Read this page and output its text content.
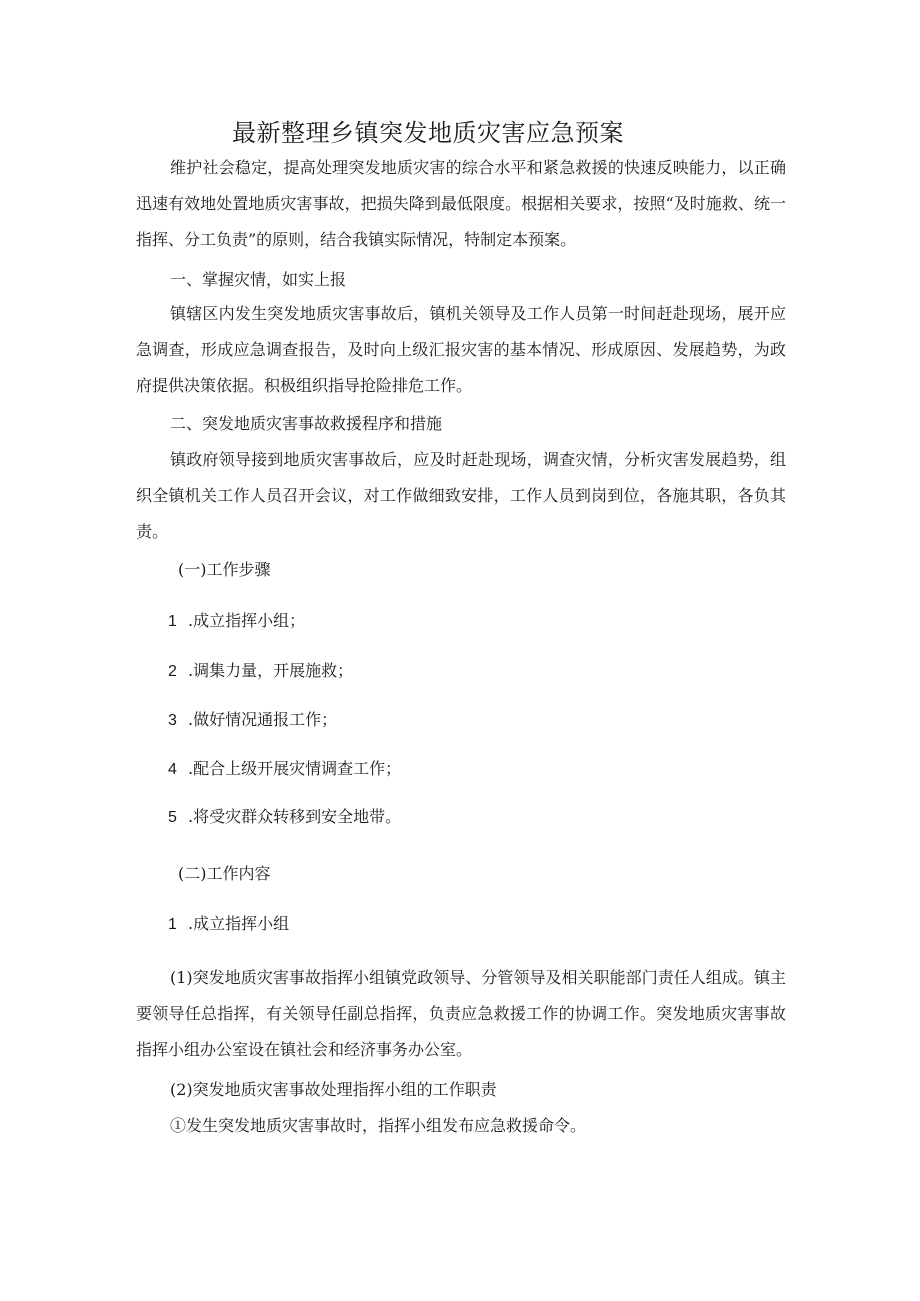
最新整理乡镇突发地质灾害应急预案
维护社会稳定，提高处理突发地质灾害的综合水平和紧急救援的快速反映能力，以正确迅速有效地处置地质灾害事故，把损失降到最低限度。根据相关要求，按照“及时施救、统一指挥、分工负责”的原则，结合我镇实际情况，特制定本预案。
一、掌握灾情，如实上报
镇辖区内发生突发地质灾害事故后，镇机关领导及工作人员第一时间赶赴现场，展开应急调查，形成应急调查报告，及时向上级汇报灾害的基本情况、形成原因、发展趋势，为政府提供决策依据。积极组织指导抢险排危工作。
二、突发地质灾害事故救援程序和措施
镇政府领导接到地质灾害事故后，应及时赶赴现场，调查灾情，分析灾害发展趋势，组织全镇机关工作人员召开会议，对工作做细致安排，工作人员到岗到位，各施其职，各负其责。
(一)工作步骤
1 .成立指挥小组；
2 .调集力量，开展施救；
3 .做好情况通报工作；
4 .配合上级开展灾情调查工作；
5 .将受灾群众转移到安全地带。
(二)工作内容
1 .成立指挥小组
(1)突发地质灾害事故指挥小组镇党政领导、分管领导及相关职能部门责任人组成。镇主要领导任总指挥，有关领导任副总指挥，负责应急救援工作的协调工作。突发地质灾害事故指挥小组办公室设在镇社会和经济事务办公室。
(2)突发地质灾害事故处理指挥小组的工作职责
①发生突发地质灾害事故时，指挥小组发布应急救援命令。
